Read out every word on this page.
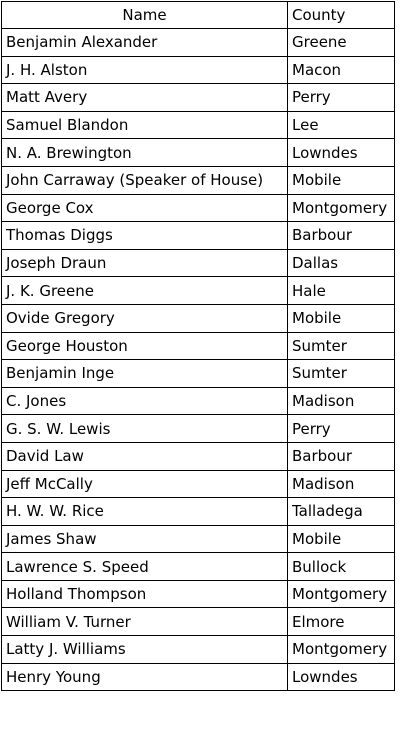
Name	County
Benjamin Alexander	Greene
J. H. Alston	Macon
Matt Avery	Perry
Samuel Blandon	Lee
N. A. Brewington	Lowndes
John Carraway (Speaker of House)	Mobile
George Cox	Montgomery
Thomas Diggs	Barbour
Joseph Draun	Dallas
J. K. Greene	Hale
Ovide Gregory	Mobile
George Houston	Sumter
Benjamin Inge	Sumter
C. Jones	Madison
G. S. W. Lewis	Perry
David Law	Barbour
Jeff McCally	Madison
H. W. W. Rice	Talladega
James Shaw	Mobile
Lawrence S. Speed	Bullock
Holland Thompson	Montgomery
William V. Turner	Elmore
Latty J. Williams	Montgomery
Henry Young	Lowndes
